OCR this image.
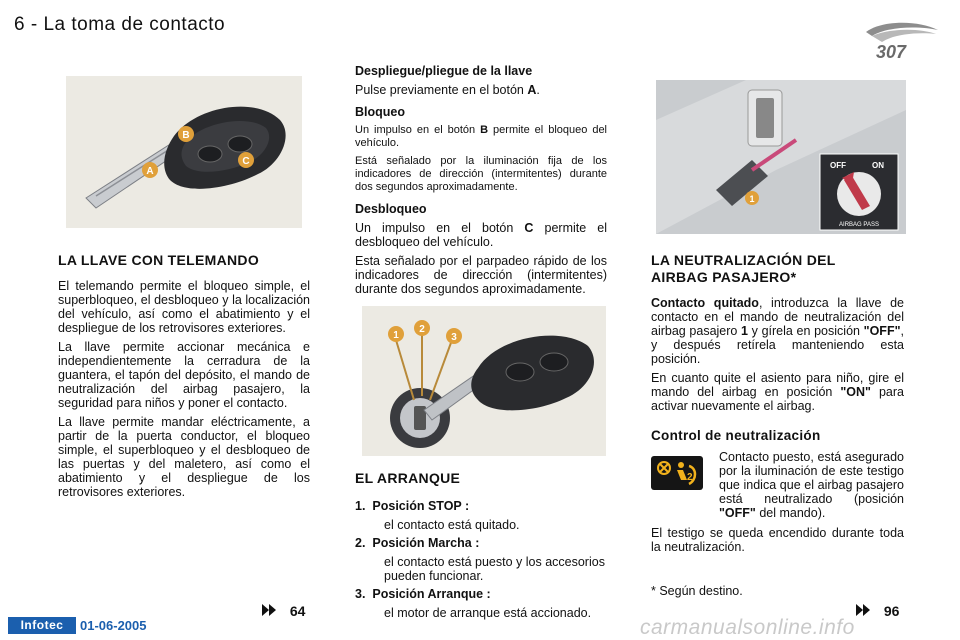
6 - La toma de contacto
307
A
B
C
LA LLAVE CON TELEMANDO
El telemando permite el bloqueo simple, el superbloqueo, el desbloqueo y la localización del vehículo, así como el abatimiento y el despliegue de los retrovisores exteriores.
La llave permite accionar mecánica e independientemente la cerradura de la guantera, el tapón del depósito, el mando de neutralización del airbag pasajero, la seguridad para niños y poner el contacto.
La llave permite mandar eléctricamente, a partir de la puerta conductor, el bloqueo simple, el superbloqueo y el desbloqueo de las puertas y del maletero, así como el abatimiento y el despliegue de los retrovisores exteriores.
Despliegue/pliegue de la llave
Pulse previamente en el botón A.
Bloqueo
Un impulso en el botón B permite el bloqueo del vehículo.
Está señalado por la iluminación fija de los indicadores de dirección (intermitentes) durante dos segundos aproximadamente.
Desbloqueo
Un impulso en el botón C permite el desbloqueo del vehículo.
Esta señalado por el parpadeo rápido de los indicadores de dirección (intermitentes) durante dos segundos aproximadamente.
1
2
3
EL ARRANQUE
1. Posición STOP :
el contacto está quitado.
2. Posición Marcha :
el contacto está puesto y los accesorios pueden funcionar.
3. Posición Arranque :
el motor de arranque está accionado.
1
OFF	ON
AIRBAG PASS
LA NEUTRALIZACIÓN DEL AIRBAG PASAJERO*
Contacto quitado, introduzca la llave de contacto en el mando de neutralización del airbag pasajero 1 y gírela en posición "OFF", y después retírela manteniendo esta posición.
En cuanto quite el asiento para niño, gire el mando del airbag en posición "ON" para activar nuevamente el airbag.
Control de neutralización
2
Contacto puesto, está asegurado por la iluminación de este testigo que indica que el airbag pasajero está neutralizado (posición "OFF" del mando).
El testigo se queda encendido durante toda la neutralización.
* Según destino.
64	96
Infotec	01-06-2005	carmanualsonline.info
